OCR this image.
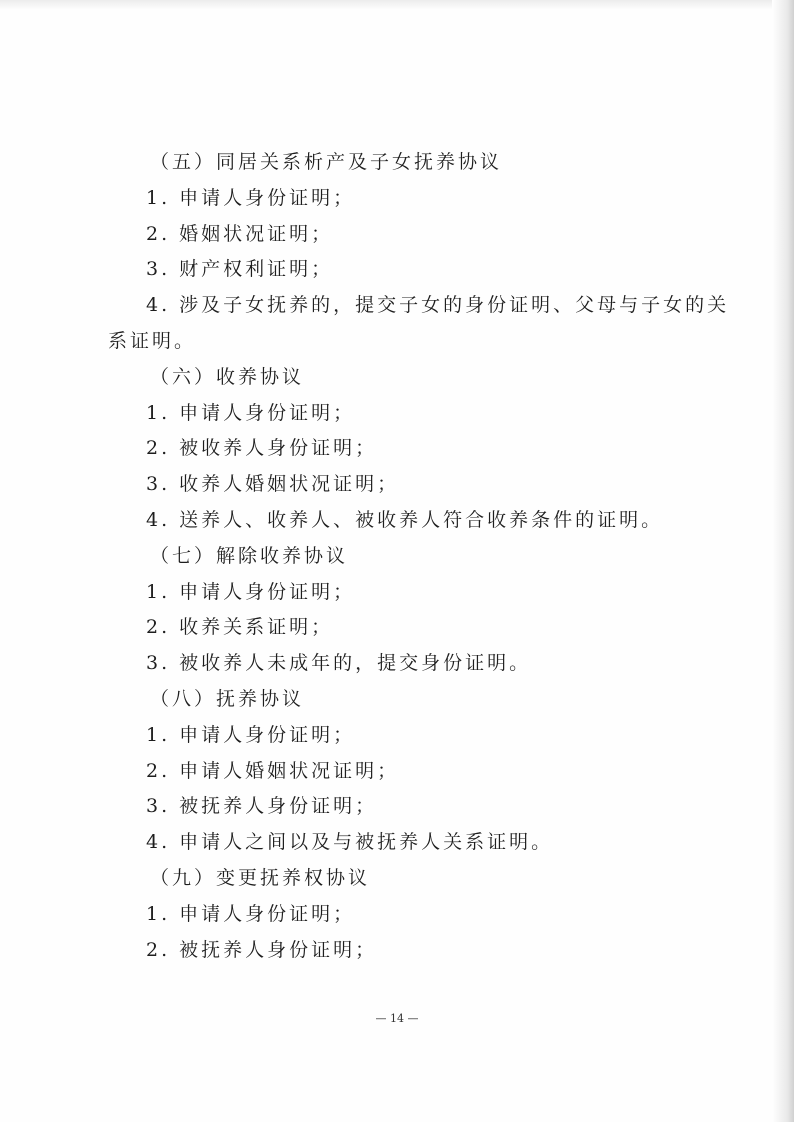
（五）同居关系析产及子女抚养协议
1. 申请人身份证明；
2. 婚姻状况证明；
3. 财产权利证明；
4. 涉及子女抚养的，提交子女的身份证明、父母与子女的关
系证明。
（六）收养协议
1. 申请人身份证明；
2. 被收养人身份证明；
3. 收养人婚姻状况证明；
4. 送养人、收养人、被收养人符合收养条件的证明。
（七）解除收养协议
1. 申请人身份证明；
2. 收养关系证明；
3. 被收养人未成年的，提交身份证明。
（八）抚养协议
1. 申请人身份证明；
2. 申请人婚姻状况证明；
3. 被抚养人身份证明；
4. 申请人之间以及与被抚养人关系证明。
（九）变更抚养权协议
1. 申请人身份证明；
2. 被抚养人身份证明；
— 14 —
